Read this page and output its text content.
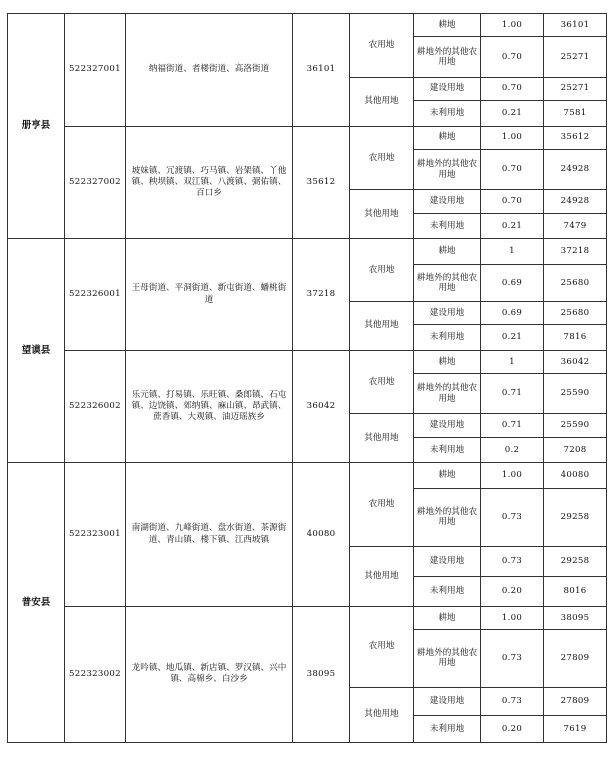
册亨县	522327001	纳福街道、者楼街道、高洛街道	36101	农用地	耕地	1.00	36101
					耕地外的其他农用地	0.70	25271
				其他用地	建设用地	0.70	25271
					未利用地	0.21	7581
	522327002	坡妹镇、冗渡镇、巧马镇、岩架镇、丫他镇、秧坝镇、双江镇、八渡镇、弼佑镇、百口乡	35612	农用地	耕地	1.00	35612
					耕地外的其他农用地	0.70	24928
				其他用地	建设用地	0.70	24928
					未利用地	0.21	7479
望谟县	522326001	王母街道、平洞街道、新屯街道、蟠桃街道	37218	农用地	耕地	1	37218
					耕地外的其他农用地	0.69	25680
				其他用地	建设用地	0.69	25680
					未利用地	0.21	7816
	522326002	乐元镇、打易镇、乐旺镇、桑郎镇、石屯镇、边饶镇、郊纳镇、麻山镇、昂武镇、蔗香镇、大观镇、油迈瑶族乡	36042	农用地	耕地	1	36042
					耕地外的其他农用地	0.71	25590
				其他用地	建设用地	0.71	25590
					未利用地	0.2	7208
普安县	522323001	南湖街道、九峰街道、盘水街道、茶源街道、青山镇、楼下镇、江西坡镇	40080	农用地	耕地	1.00	40080
					耕地外的其他农用地	0.73	29258
				其他用地	建设用地	0.73	29258
					未利用地	0.20	8016
	522323002	龙吟镇、地瓜镇、新店镇、罗汉镇、兴中镇、高棉乡、白沙乡	38095	农用地	耕地	1.00	38095
					耕地外的其他农用地	0.73	27809
				其他用地	建设用地	0.73	27809
					未利用地	0.20	7619
